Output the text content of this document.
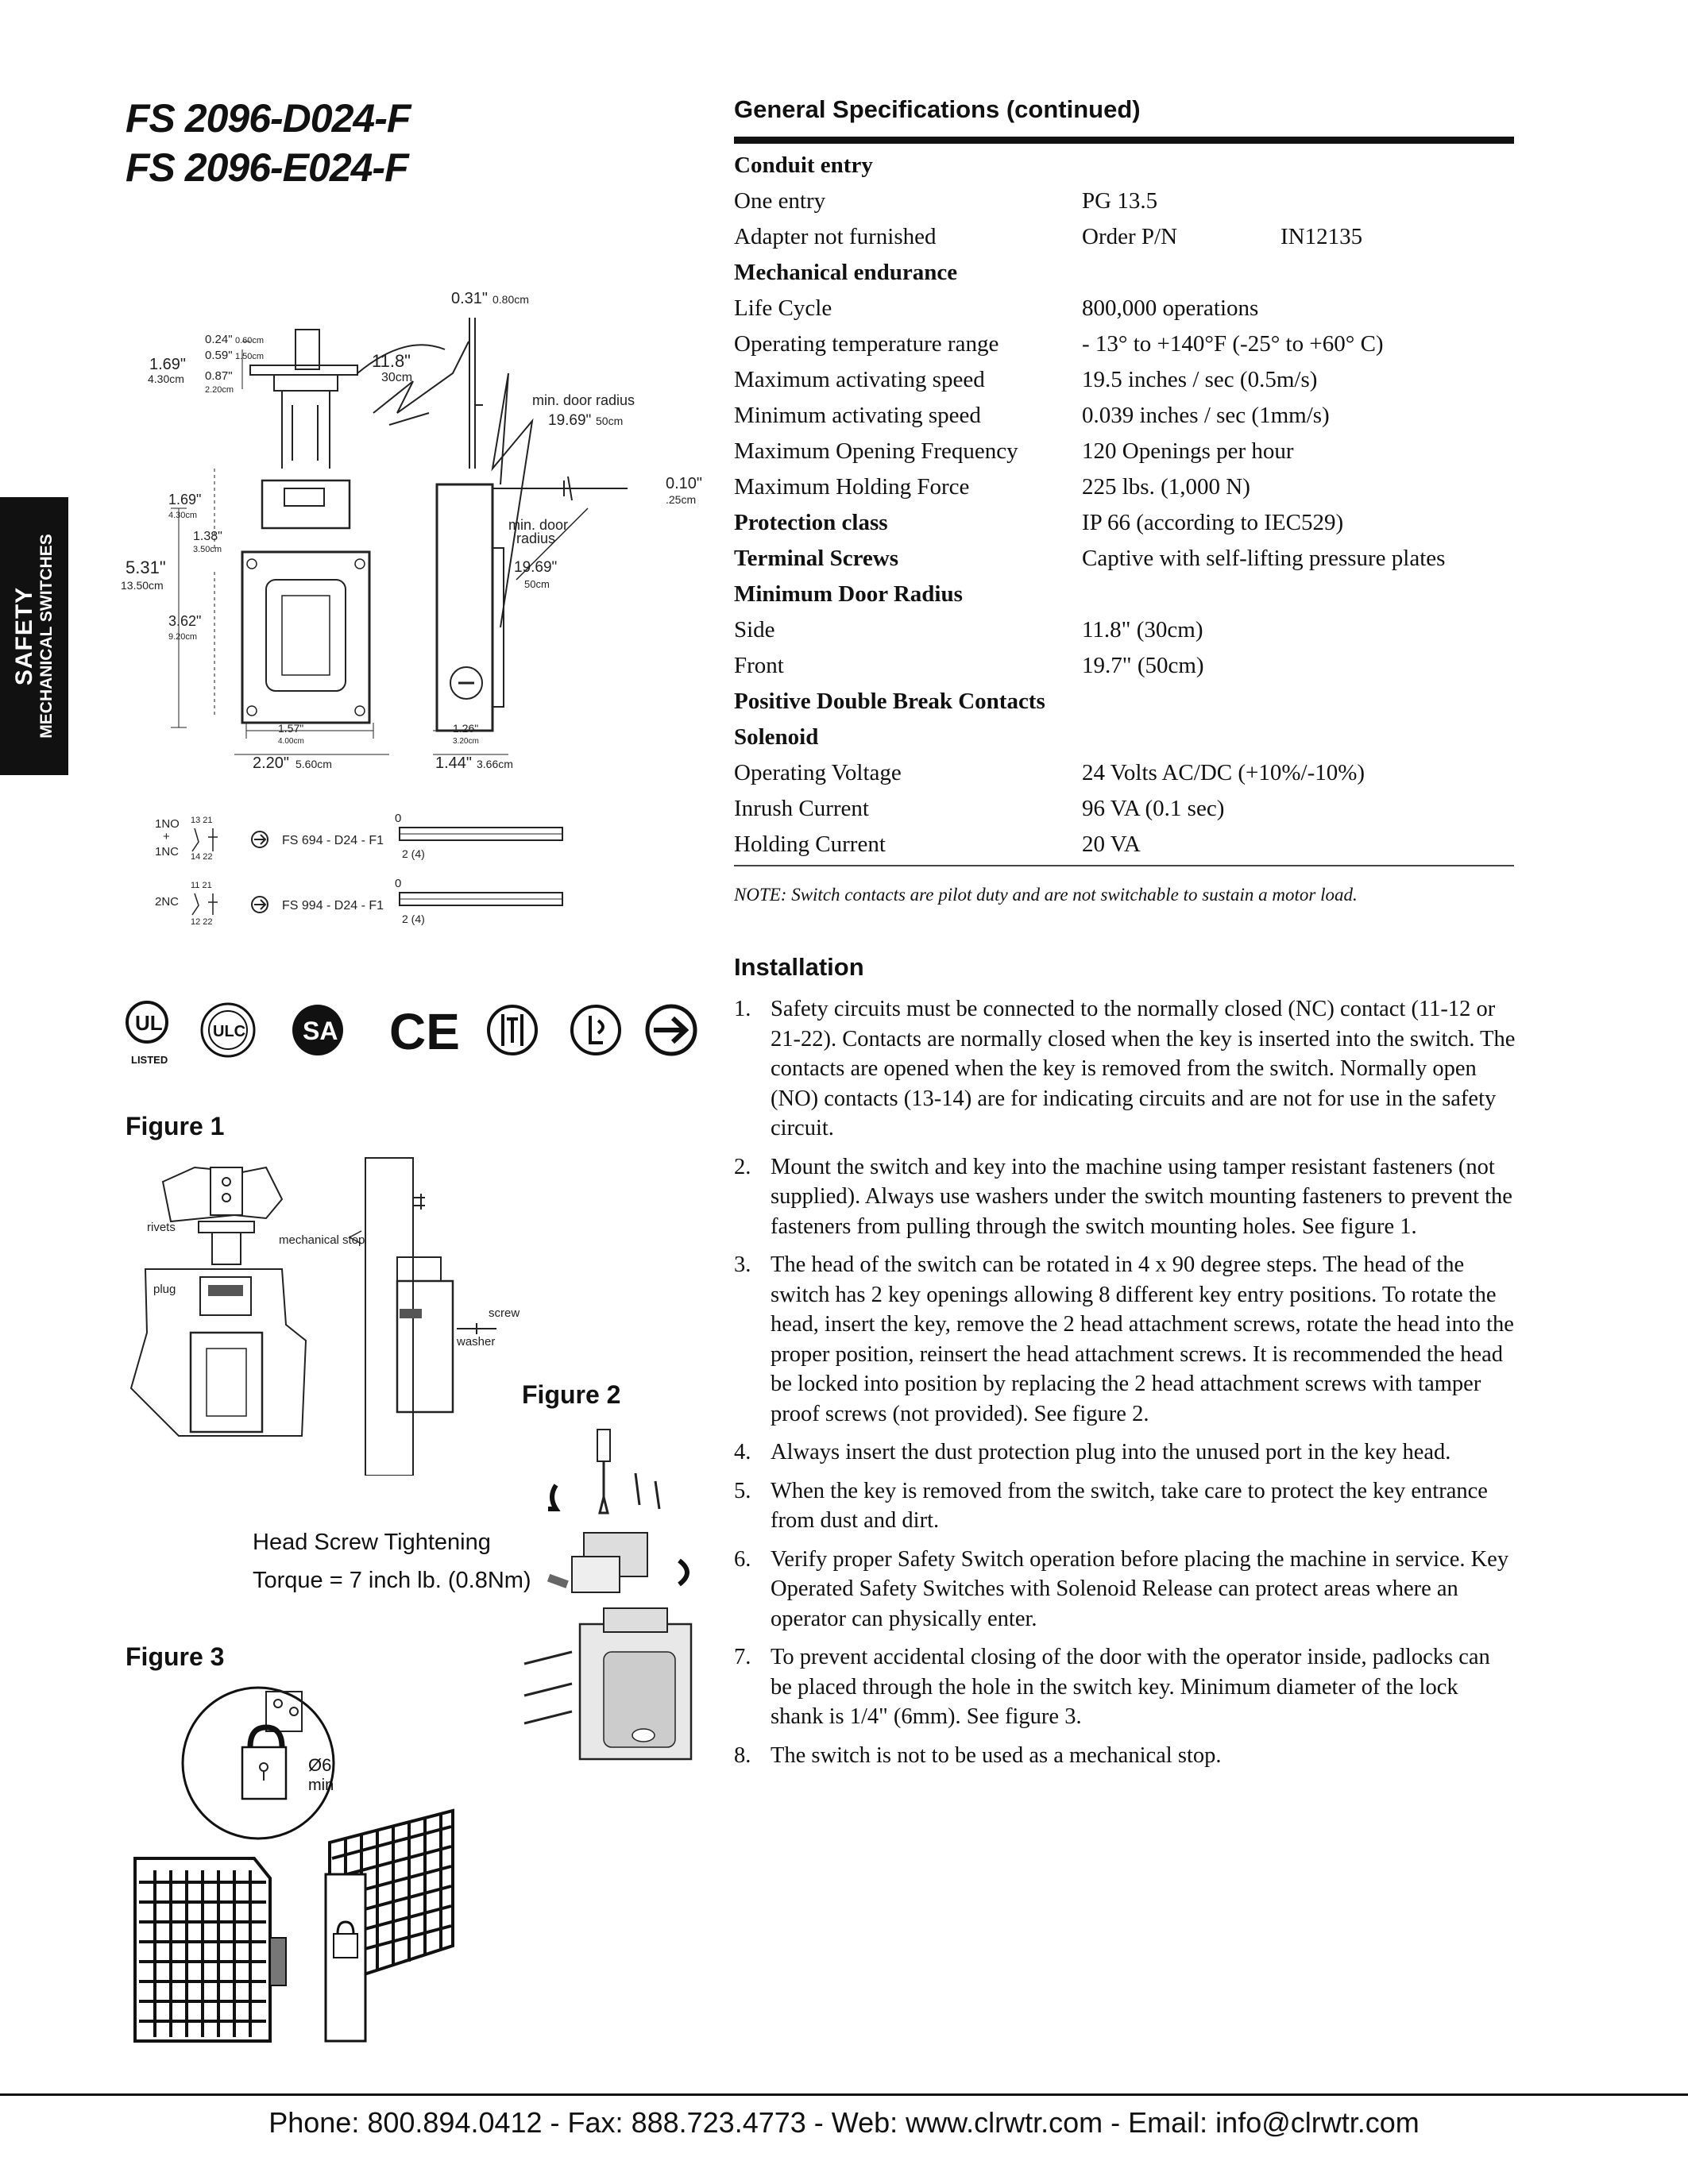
FS 2096-D024-F
FS 2096-E024-F
SAFETY MECHANICAL SWITCHES
0.31" 0.80cm
11.8"
30cm
0.24" 0.60cm
0.59" 1.50cm
0.87"
2.20cm
1.69"
4.30cm
min. door radius
19.69" 50cm
0.10"
.25cm
1.69"
4.30cm
1.38"
3.50cm
5.31"
13.50cm
min. door
radius
19.69"
50cm
3.62"
9.20cm
1.57"
4.00cm
1.26"
3.20cm
2.20" 5.60cm	1.44" 3.66cm
1NO
+
1NC
13 21
14 22
FS 694 - D24 - F1
0
2 (4)
2NC
11 21
12 22
FS 994 - D24 - F1
0
2 (4)
UL
LISTED
ULC SA CE
Figure 1
rivets
plug
mechanical stop
screw
washer
Figure 2
Head Screw Tightening
Torque = 7 inch lb. (0.8Nm)
Figure 3
Ø6
min
General Specifications (continued)
Conduit entry
One entry	PG 13.5
Adapter not furnished	Order P/N	IN12135
Mechanical endurance
Life Cycle	800,000 operations
Operating temperature range	- 13° to +140°F (-25° to +60° C)
Maximum activating speed	19.5 inches / sec (0.5m/s)
Minimum activating speed	0.039 inches / sec (1mm/s)
Maximum Opening Frequency	120 Openings per hour
Maximum Holding Force	225 lbs. (1,000 N)
Protection class	IP 66 (according to IEC529)
Terminal Screws	Captive with self-lifting pressure plates
Minimum Door Radius
Side	11.8" (30cm)
Front	19.7" (50cm)
Positive Double Break Contacts
Solenoid
Operating Voltage	24 Volts AC/DC (+10%/-10%)
Inrush Current	96 VA (0.1 sec)
Holding Current	20 VA
NOTE: Switch contacts are pilot duty and are not switchable to sustain a motor load.
Installation
1. Safety circuits must be connected to the normally closed (NC) contact (11-12 or 21-22). Contacts are normally closed when the key is inserted into the switch. The contacts are opened when the key is removed from the switch. Normally open (NO) contacts (13-14) are for indicating circuits and are not for use in the safety circuit.
2. Mount the switch and key into the machine using tamper resistant fasteners (not supplied). Always use washers under the switch mounting fasteners to prevent the fasteners from pulling through the switch mounting holes. See figure 1.
3. The head of the switch can be rotated in 4 x 90 degree steps. The head of the switch has 2 key openings allowing 8 different key entry positions. To rotate the head, insert the key, remove the 2 head attachment screws, rotate the head into the proper position, reinsert the head attachment screws. It is recommended the head be locked into position by replacing the 2 head attachment screws with tamper proof screws (not provided). See figure 2.
4. Always insert the dust protection plug into the unused port in the key head.
5. When the key is removed from the switch, take care to protect the key entrance from dust and dirt.
6. Verify proper Safety Switch operation before placing the machine in service. Key Operated Safety Switches with Solenoid Release can protect areas where an operator can physically enter.
7. To prevent accidental closing of the door with the operator inside, padlocks can be placed through the hole in the switch key. Minimum diameter of the lock shank is 1/4" (6mm). See figure 3.
8. The switch is not to be used as a mechanical stop.
Phone: 800.894.0412 - Fax: 888.723.4773 - Web: www.clrwtr.com - Email: info@clrwtr.com
